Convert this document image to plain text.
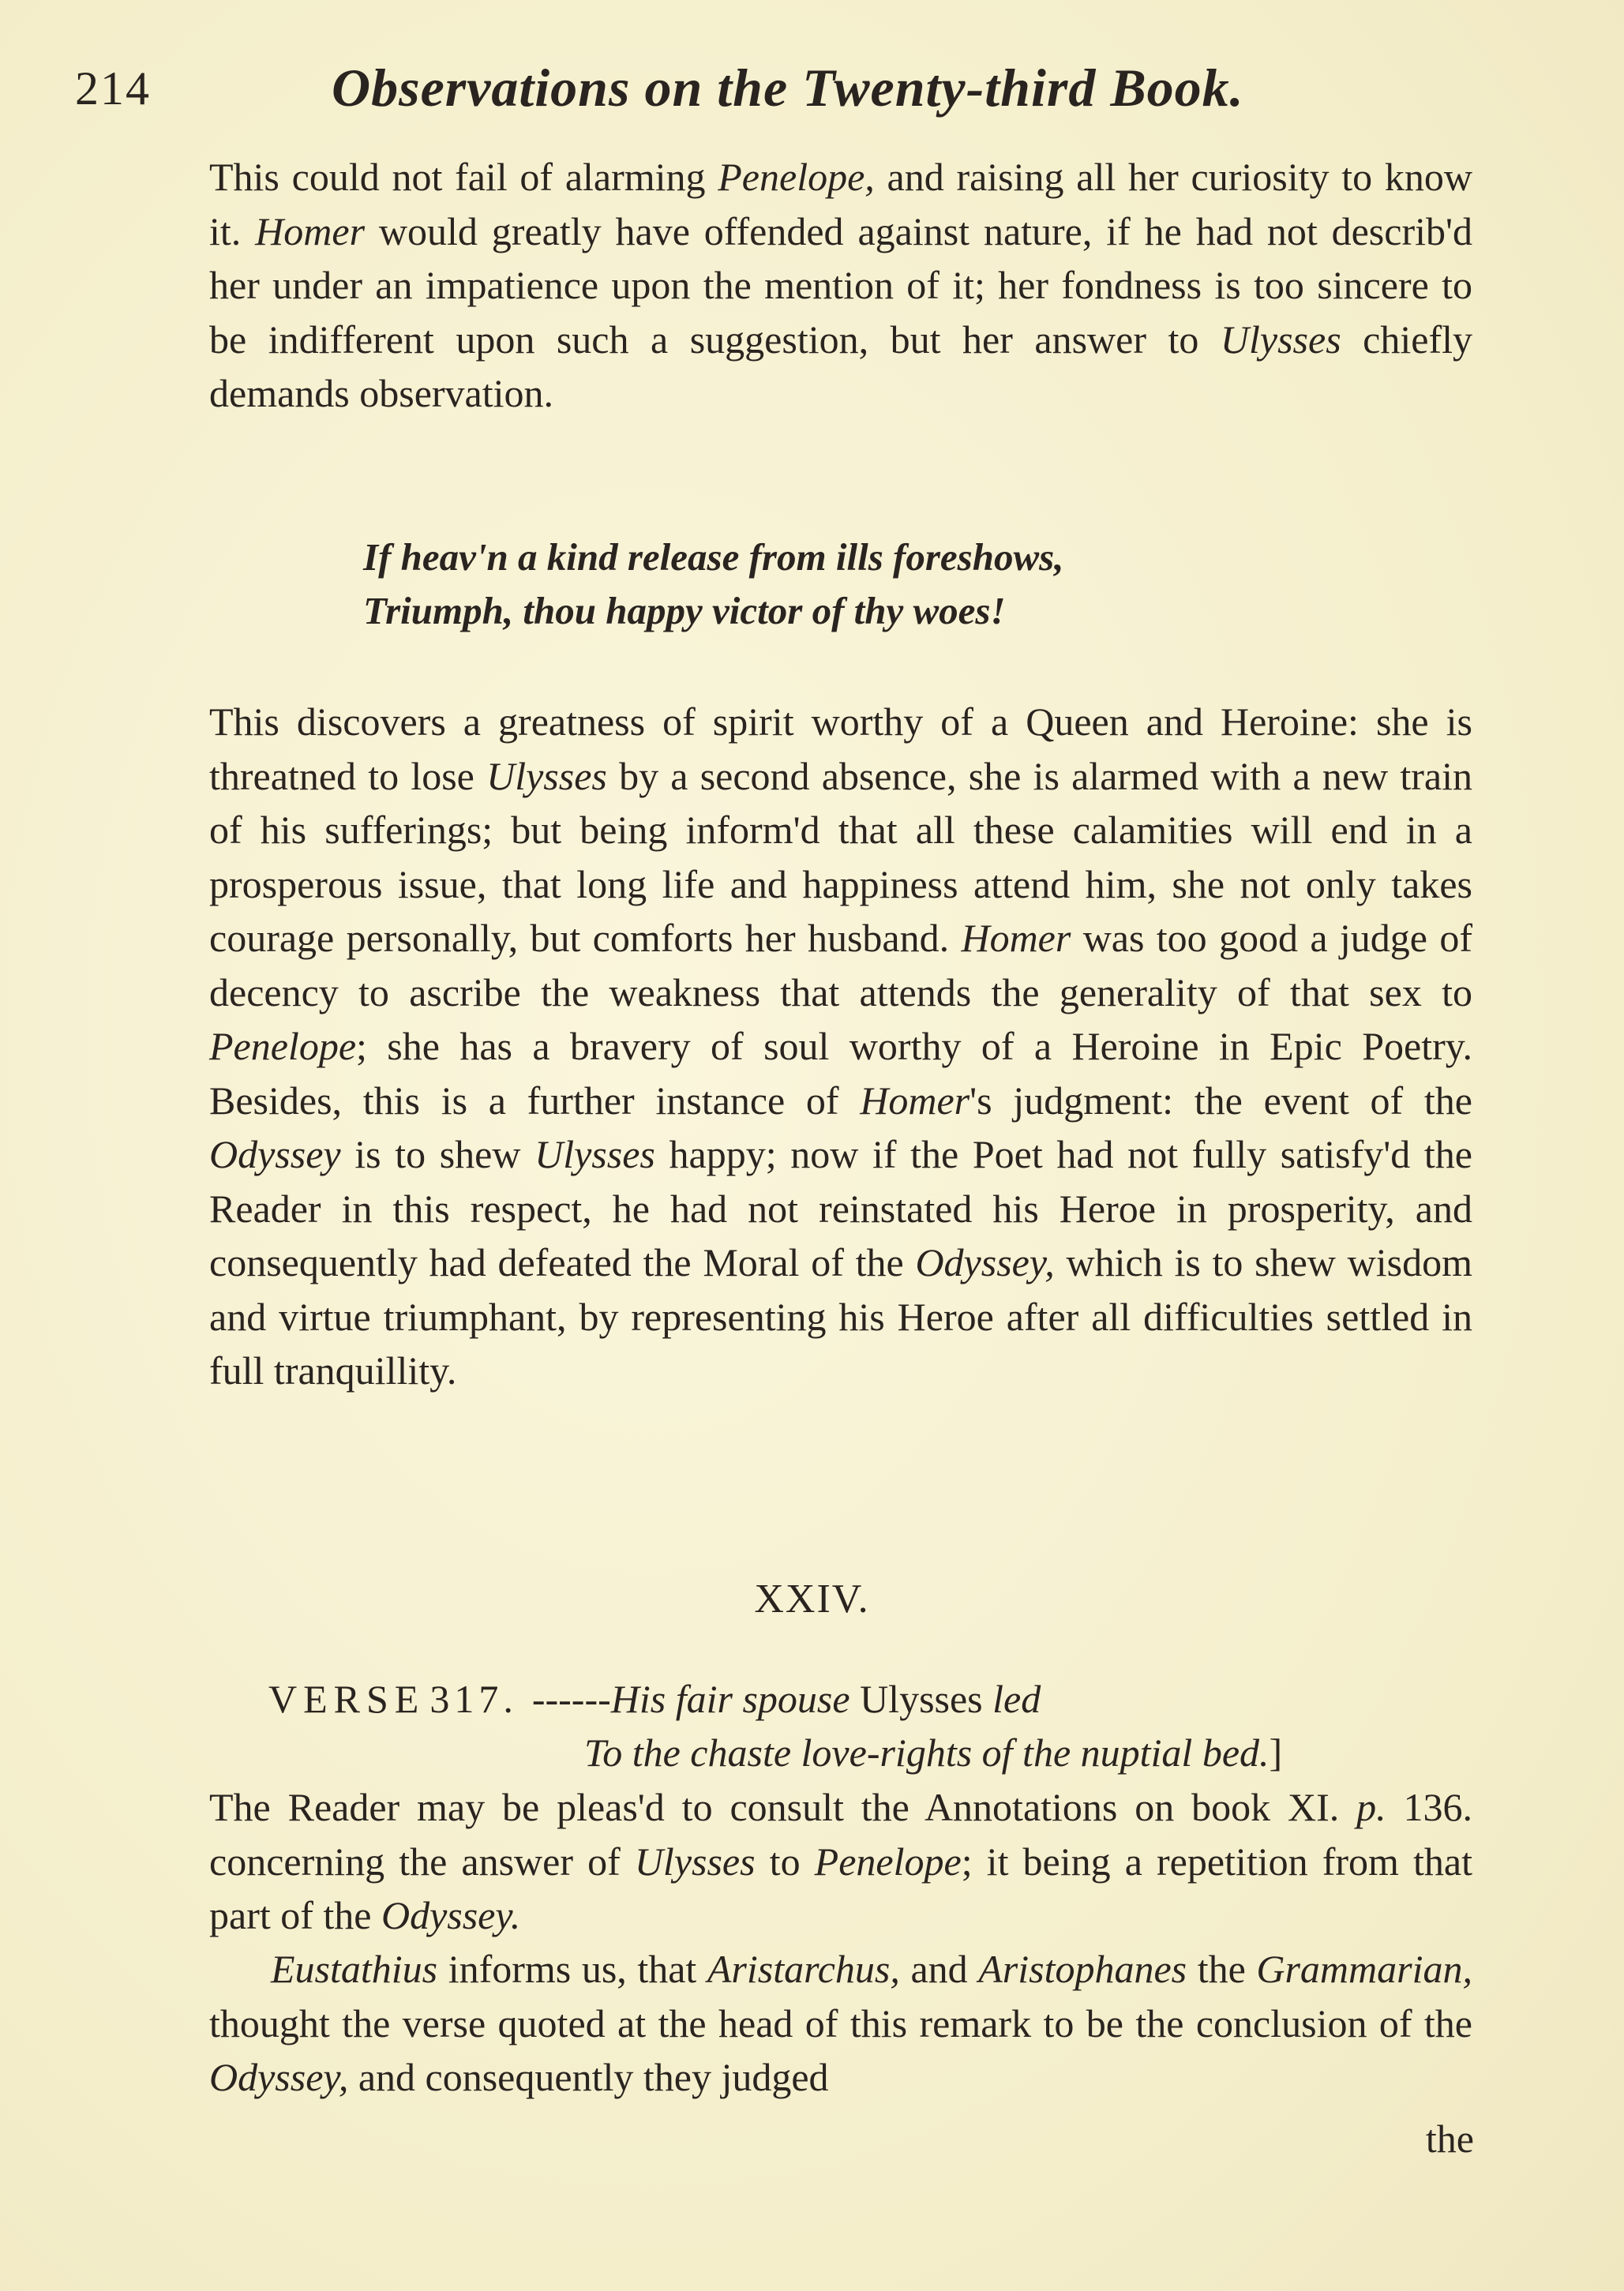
214	Observations on the Twenty-third Book.

This could not fail of alarming Penelope, and raising all her curiosity to know it. Homer would greatly have offended against nature, if he had not describ'd her under an impatience upon the mention of it; her fondness is too sincere to be indifferent upon such a suggestion, but her answer to Ulysses chiefly demands observation.

If heav'n a kind release from ills foreshows,
Triumph, thou happy victor of thy woes!

This discovers a greatness of spirit worthy of a Queen and Heroine: she is threatned to lose Ulysses by a second absence, she is alarmed with a new train of his sufferings; but being inform'd that all these calamities will end in a prosperous issue, that long life and happiness attend him, she not only takes courage personally, but comforts her husband. Homer was too good a judge of decency to ascribe the weakness that attends the generality of that sex to Penelope; she has a bravery of soul worthy of a Heroine in Epic Poetry. Besides, this is a further instance of Homer's judgment: the event of the Odyssey is to shew Ulysses happy; now if the Poet had not fully satisfy'd the Reader in this respect, he had not reinstated his Heroe in prosperity, and consequently had defeated the Moral of the Odyssey, which is to shew wisdom and virtue triumphant, by representing his Heroe after all difficulties settled in full tranquillity.

XXIV.
VERSE 317. ------His fair spouse Ulysses led
To the chaste love-rights of the nuptial bed.]

The Reader may be pleas'd to consult the Annotations on book XI. p. 136. concerning the answer of Ulysses to Penelope; it being a repetition from that part of the Odyssey.

Eustathius informs us, that Aristarchus, and Aristophanes the Grammarian, thought the verse quoted at the head of this remark to be the conclusion of the Odyssey, and consequently they judged

the
